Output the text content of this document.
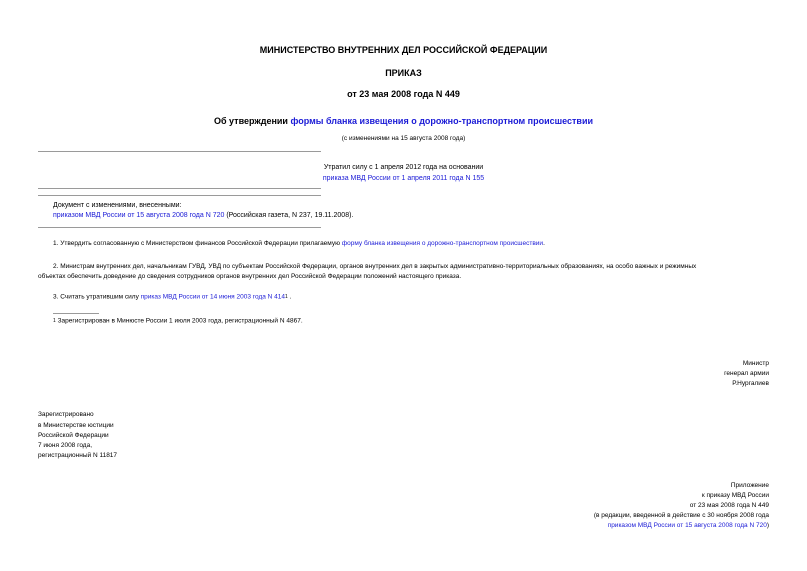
МИНИСТЕРСТВО ВНУТРЕННИХ ДЕЛ РОССИЙСКОЙ ФЕДЕРАЦИИ
ПРИКАЗ
от 23 мая 2008 года N 449
Об утверждении формы бланка извещения о дорожно-транспортном происшествии
(с изменениями на 15 августа 2008 года)
Утратил силу с 1 апреля 2012 года на основании
приказа МВД России от 1 апреля 2011 года N 155
Документ с изменениями, внесенными:
приказом МВД России от 15 августа 2008 года N 720 (Российская газета, N 237, 19.11.2008).
1. Утвердить согласованную с Министерством финансов Российской Федерации прилагаемую форму бланка извещения о дорожно-транспортном происшествии.
2. Министрам внутренних дел, начальникам ГУВД, УВД по субъектам Российской Федерации, органов внутренних дел в закрытых административно-территориальных образованиях, на особо важных и режимных
объектах обеспечить доведение до сведения сотрудников органов внутренних дел Российской Федерации положений настоящего приказа.
3. Считать утратившим силу приказ МВД России от 14 июня 2003 года N 4141 .
1 Зарегистрирован в Минюсте России 1 июля 2003 года, регистрационный N 4867.
Министр
генерал армии
Р.Нургалиев
Зарегистрировано
в Министерстве юстиции
Российской Федерации
7 июня 2008 года,
регистрационный N 11817
Приложение
к приказу МВД России
от 23 мая 2008 года N 449
(в редакции, введенной в действие с 30 ноября 2008 года
приказом МВД России от 15 августа 2008 года N 720)
